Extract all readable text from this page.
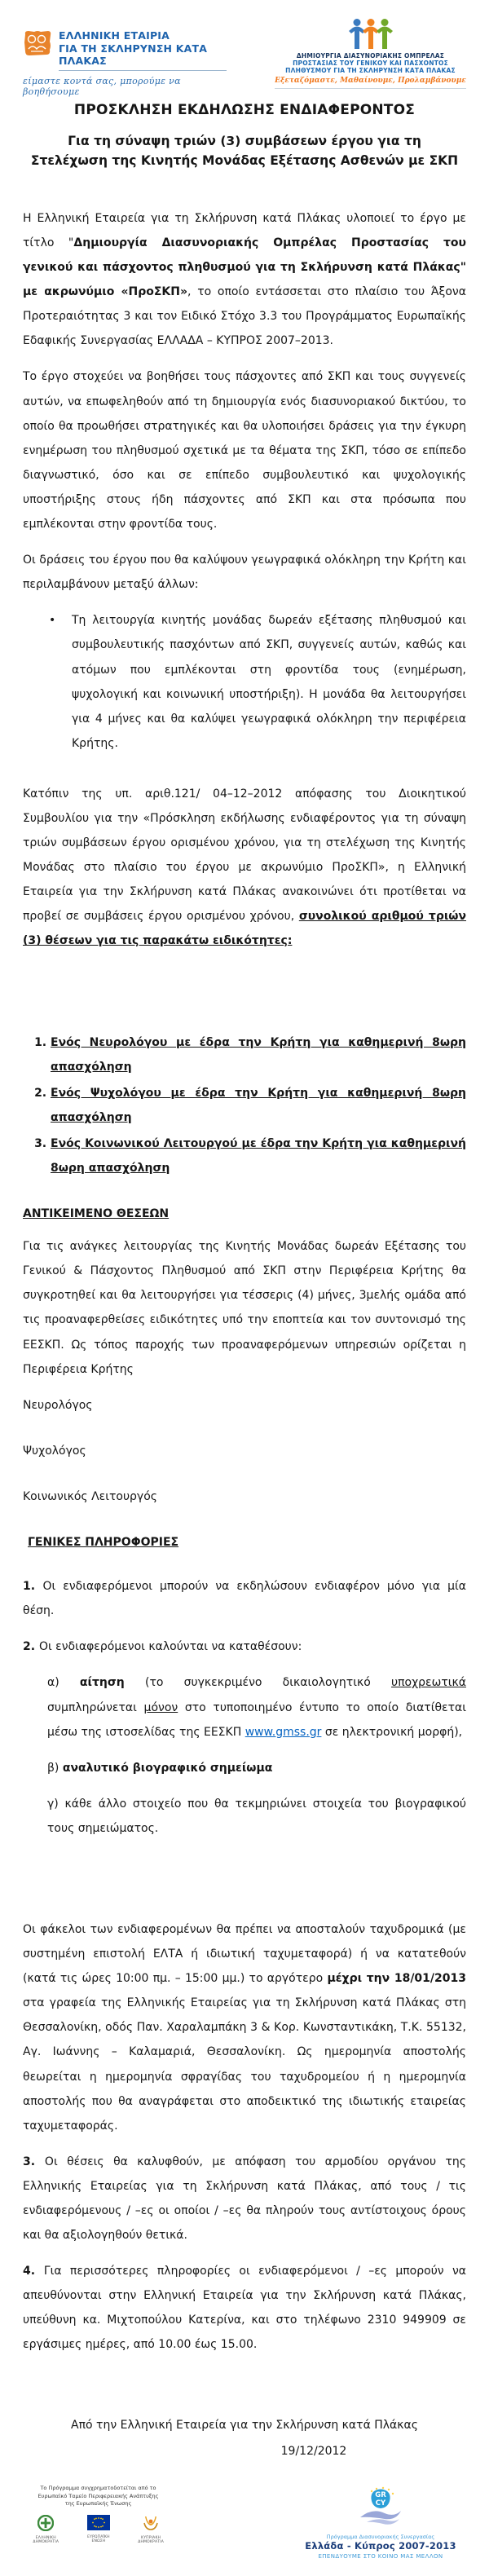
ΕΛΛΗΝΙΚΗ ΕΤΑΙΡΙΑ
ΓΙΑ ΤΗ ΣΚΛΗΡΥΝΣΗ ΚΑΤΑ ΠΛΑΚΑΣ
είμαστε κοντά σας, μπορούμε να βοηθήσουμε
ΔΗΜΙΟΥΡΓΙΑ ΔΙΑΣΥΝΟΡΙΑΚΗΣ ΟΜΠΡΕΛΑΣ
ΠΡΟΣΤΑΣΙΑΣ ΤΟΥ ΓΕΝΙΚΟΥ ΚΑΙ ΠΑΣΧΟΝΤΟΣ
ΠΛΗΘΥΣΜΟΥ ΓΙΑ ΤΗ ΣΚΛΗΡΥΝΣΗ ΚΑΤΑ ΠΛΑΚΑΣ
Εξεταζόμαστε, Μαθαίνουμε, Προλαμβάνουμε
ΠΡΟΣΚΛΗΣΗ ΕΚΔΗΛΩΣΗΣ ΕΝΔΙΑΦΕΡΟΝΤΟΣ
Για τη σύναψη τριών (3) συμβάσεων έργου για τη Στελέχωση της Κινητής Μονάδας Εξέτασης Ασθενών με ΣΚΠ
Η Ελληνική Εταιρεία για τη Σκλήρυνση κατά Πλάκας υλοποιεί το έργο με τίτλο "Δημιουργία Διασυνοριακής Ομπρέλας Προστασίας του γενικού και πάσχοντος πληθυσμού για τη Σκλήρυνση κατά Πλάκας" με ακρωνύμιο «ΠροΣΚΠ», το οποίο εντάσσεται στο πλαίσιο του Άξονα Προτεραιότητας 3 και τον Ειδικό Στόχο 3.3 του Προγράμματος Ευρωπαϊκής Εδαφικής Συνεργασίας ΕΛΛΑΔΑ – ΚΥΠΡΟΣ 2007–2013.
Το έργο στοχεύει να βοηθήσει τους πάσχοντες από ΣΚΠ και τους συγγενείς αυτών, να επωφεληθούν από τη δημιουργία ενός διασυνοριακού δικτύου, το οποίο θα προωθήσει στρατηγικές και θα υλοποιήσει δράσεις για την έγκυρη ενημέρωση του πληθυσμού σχετικά με τα θέματα της ΣΚΠ, τόσο σε επίπεδο διαγνωστικό, όσο και σε επίπεδο συμβουλευτικό και ψυχολογικής υποστήριξης στους ήδη πάσχοντες από ΣΚΠ και στα πρόσωπα που εμπλέκονται στην φροντίδα τους.
Οι δράσεις του έργου που θα καλύψουν γεωγραφικά ολόκληρη την Κρήτη και περιλαμβάνουν μεταξύ άλλων:
•	Τη λειτουργία κινητής μονάδας δωρεάν εξέτασης πληθυσμού και συμβουλευτικής πασχόντων από ΣΚΠ, συγγενείς αυτών, καθώς και ατόμων που εμπλέκονται στη φροντίδα τους (ενημέρωση, ψυχολογική και κοινωνική υποστήριξη). Η μονάδα θα λειτουργήσει για 4 μήνες και θα καλύψει γεωγραφικά ολόκληρη την περιφέρεια Κρήτης.
Κατόπιν της υπ. αριθ.121/ 04–12–2012 απόφασης του Διοικητικού Συμβουλίου για την «Πρόσκληση εκδήλωσης ενδιαφέροντος για τη σύναψη τριών συμβάσεων έργου ορισμένου χρόνου, για τη στελέχωση της Κινητής Μονάδας στο πλαίσιο του έργου με ακρωνύμιο ΠροΣΚΠ», η Ελληνική Εταιρεία για την Σκλήρυνση κατά Πλάκας ανακοινώνει ότι προτίθεται να προβεί σε συμβάσεις έργου ορισμένου χρόνου, συνολικού αριθμού τριών (3) θέσεων για τις παρακάτω ειδικότητες:
1. Ενός Νευρολόγου με έδρα την Κρήτη για καθημερινή 8ωρη απασχόληση
2. Ενός Ψυχολόγου με έδρα την Κρήτη για καθημερινή 8ωρη απασχόληση
3. Ενός Κοινωνικού Λειτουργού με έδρα την Κρήτη για καθημερινή 8ωρη απασχόληση
ΑΝΤΙΚΕΙΜΕΝΟ ΘΕΣΕΩΝ
Για τις ανάγκες λειτουργίας της Κινητής Μονάδας δωρεάν Εξέτασης του Γενικού & Πάσχοντος Πληθυσμού από ΣΚΠ στην Περιφέρεια Κρήτης θα συγκροτηθεί και θα λειτουργήσει για τέσσερις (4) μήνες, 3μελής ομάδα από τις προαναφερθείσες ειδικότητες υπό την εποπτεία και τον συντονισμό της ΕΕΣΚΠ. Ως τόπος παροχής των προαναφερόμενων υπηρεσιών ορίζεται η Περιφέρεια Κρήτης
Νευρολόγος
Ψυχολόγος
Κοινωνικός Λειτουργός
ΓΕΝΙΚΕΣ ΠΛΗΡΟΦΟΡΙΕΣ
1. Οι ενδιαφερόμενοι μπορούν να εκδηλώσουν ενδιαφέρον μόνο για μία θέση.
2. Οι ενδιαφερόμενοι καλούνται να καταθέσουν:
α) αίτηση (το συγκεκριμένο δικαιολογητικό υποχρεωτικά συμπληρώνεται μόνον στο τυποποιημένο έντυπο το οποίο διατίθεται μέσω της ιστοσελίδας της ΕΕΣΚΠ www.gmss.gr σε ηλεκτρονική μορφή),
β) αναλυτικό βιογραφικό σημείωμα
γ) κάθε άλλο στοιχείο που θα τεκμηριώνει στοιχεία του βιογραφικού τους σημειώματος.
Οι φάκελοι των ενδιαφερομένων θα πρέπει να αποσταλούν ταχυδρομικά (με συστημένη επιστολή ΕΛΤΑ ή ιδιωτική ταχυμεταφορά) ή να κατατεθούν (κατά τις ώρες 10:00 πμ. – 15:00 μμ.) το αργότερο μέχρι την 18/01/2013 στα γραφεία της Ελληνικής Εταιρείας για τη Σκλήρυνση κατά Πλάκας στη Θεσσαλονίκη, οδός Παν. Χαραλαμπάκη 3 & Κορ. Κωνσταντικάκη, Τ.Κ. 55132, Αγ. Ιωάννης – Καλαμαριά, Θεσσαλονίκη. Ως ημερομηνία αποστολής θεωρείται η ημερομηνία σφραγίδας του ταχυδρομείου ή η ημερομηνία αποστολής που θα αναγράφεται στο αποδεικτικό της ιδιωτικής εταιρείας ταχυμεταφοράς.
3. Οι θέσεις θα καλυφθούν, με απόφαση του αρμοδίου οργάνου της Ελληνικής Εταιρείας για τη Σκλήρυνση κατά Πλάκας, από τους / τις ενδιαφερόμενους / –ες οι οποίοι / –ες θα πληρούν τους αντίστοιχους όρους και θα αξιολογηθούν θετικά.
4. Για περισσότερες πληροφορίες οι ενδιαφερόμενοι / –ες μπορούν να απευθύνονται στην Ελληνική Εταιρεία για την Σκλήρυνση κατά Πλάκας, υπεύθυνη κα. Μιχτοπούλου Κατερίνα, και στο τηλέφωνο 2310 949909 σε εργάσιμες ημέρες, από 10.00 έως 15.00.
Από την Ελληνική Εταιρεία για την Σκλήρυνση κατά Πλάκας
19/12/2012
Το Πρόγραμμα συγχρηματοδοτείται από το
Ευρωπαϊκό Ταμείο Περιφερειακής Ανάπτυξης
της Ευρωπαϊκής Ένωσης
ΕΛΛΗΝΙΚΗ ΔΗΜΟΚΡΑΤΙΑ
ΕΥΡΩΠΑΪΚΗ ΕΝΩΣΗ
ΚΥΠΡΙΑΚΗ ΔΗΜΟΚΡΑΤΙΑ
GR
CY
Πρόγραμμα Διασυνοριακής Συνεργασίας
Ελλάδα - Κύπρος 2007-2013
ΕΠΕΝΔΥΟΥΜΕ ΣΤΟ ΚΟΙΝΟ ΜΑΣ ΜΕΛΛΟΝ
